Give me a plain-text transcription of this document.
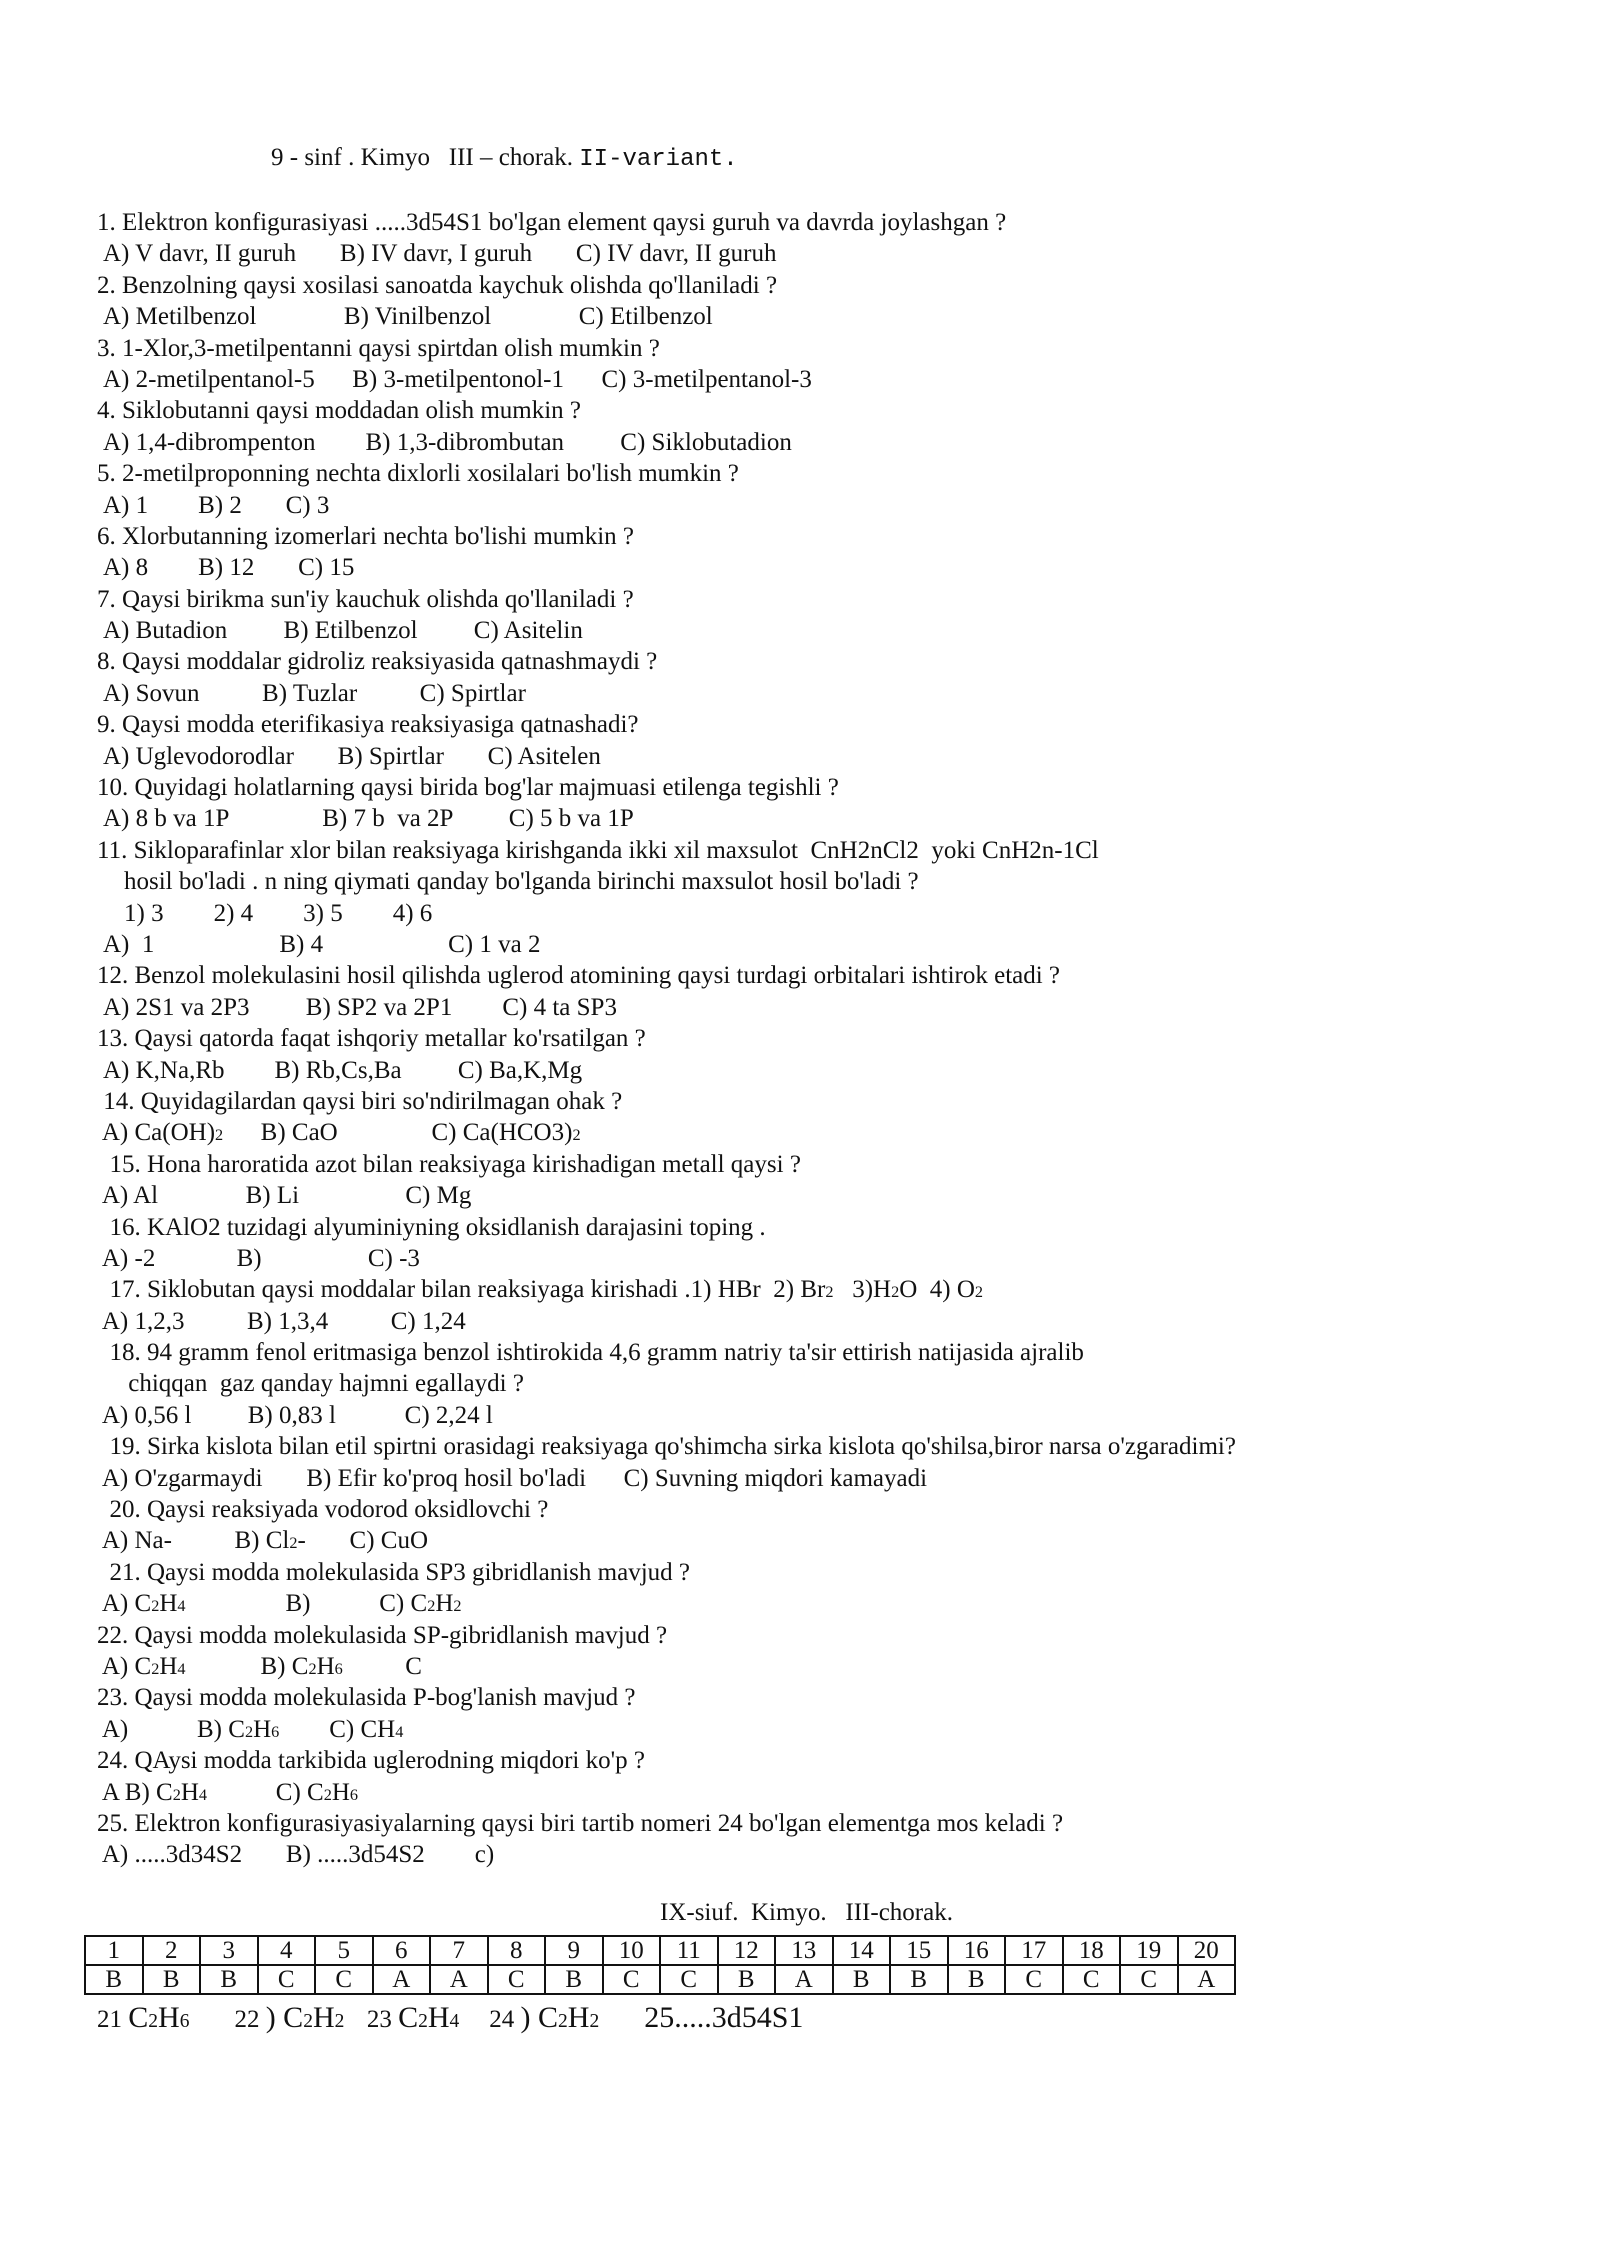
9 - sinf . Kimyo   III – chorak. II-variant.
1. Elektron konfigurasiyasi .....3d54S1 bo'lgan element qaysi guruh va davrda joylashgan ?
A) V davr, II guruh       B) IV davr, I guruh       C) IV davr, II guruh
2. Benzolning qaysi xosilasi sanoatda kaychuk olishda qo'llaniladi ?
A) Metilbenzol              B) Vinilbenzol              C) Etilbenzol
3. 1-Xlor,3-metilpentanni qaysi spirtdan olish mumkin ?
A) 2-metilpentanol-5      B) 3-metilpentonol-1      C) 3-metilpentanol-3
4. Siklobutanni qaysi moddadan olish mumkin ?
A) 1,4-dibrompenton        B) 1,3-dibrombutan         C) Siklobutadion
5. 2-metilproponning nechta dixlorli xosilalari bo'lish mumkin ?
A) 1        B) 2       C) 3
6. Xlorbutanning izomerlari nechta bo'lishi mumkin ?
A) 8        B) 12       C) 15
7. Qaysi birikma sun'iy kauchuk olishda qo'llaniladi ?
A) Butadion         B) Etilbenzol         C) Asitelin
8. Qaysi moddalar gidroliz reaksiyasida qatnashmaydi ?
A) Sovun          B) Tuzlar          C) Spirtlar
9. Qaysi modda eterifikasiya reaksiyasiga qatnashadi?
A) Uglevodorodlar       B) Spirtlar       C) Asitelen
10. Quyidagi holatlarning qaysi birida bog'lar majmuasi etilenga tegishli ?
A) 8 b va 1P               B) 7 b  va 2P         C) 5 b va 1P
11. Sikloparafinlar xlor bilan reaksiyaga kirishganda ikki xil maxsulot  CnH2nCl2  yoki CnH2n-1Cl
hosil bo'ladi . n ning qiymati qanday bo'lganda birinchi maxsulot hosil bo'ladi ?
1) 3        2) 4        3) 5        4) 6
A)  1                    B) 4                    C) 1 va 2
12. Benzol molekulasini hosil qilishda uglerod atomining qaysi turdagi orbitalari ishtirok etadi ?
A) 2S1 va 2P3         B) SP2 va 2P1        C) 4 ta SP3
13. Qaysi qatorda faqat ishqoriy metallar ko'rsatilgan ?
A) K,Na,Rb        B) Rb,Cs,Ba         C) Ba,K,Mg
14. Quyidagilardan qaysi biri so'ndirilmagan ohak ?
A) $Ca(OH)_2$      B) CaO               C) $Ca(HCO3)_2$
15. Hona haroratida azot bilan reaksiyaga kirishadigan metall qaysi ?
A) Al              B) Li                 C) Mg
16. KAlO2 tuzidagi alyuminiyning oksidlanish darajasini toping .
A) -2             B)                 C) -3
17. Siklobutan qaysi moddalar bilan reaksiyaga kirishadi .1) HBr  2) $Br_2$   $3)H_2O$  4) $O_2$
A) 1,2,3          B) 1,3,4          C) 1,24
18. 94 gramm fenol eritmasiga benzol ishtirokida 4,6 gramm natriy ta'sir ettirish natijasida ajralib
chiqqan  gaz qanday hajmni egallaydi ?
A) 0,56 l         B) 0,83 l           C) 2,24 l
19. Sirka kislota bilan etil spirtni orasidagi reaksiyaga qo'shimcha sirka kislota qo'shilsa,biror narsa o'zgaradimi?
A) O'zgarmaydi       B) Efir ko'proq hosil bo'ladi      C) Suvning miqdori kamayadi
20. Qaysi reaksiyada vodorod oksidlovchi ?
A) Na-          B) $Cl_2-$       C) CuO
21. Qaysi modda molekulasida SP3 gibridlanish mavjud ?
A) $C_2H_4$                B)           C) $C_2H_2$
22. Qaysi modda molekulasida SP-gibridlanish mavjud ?
A) $C_2H_4$            B) $C_2H_6$          C
23. Qaysi modda molekulasida P-bog'lanish mavjud ?
A)           B) $C_2H_6$        C) $CH_4$
24. QAysi modda tarkibida uglerodning miqdori ko'p ?
A B) $C_2H_4$           C) $C_2H_6$
25. Elektron konfigurasiyasiyalarning qaysi biri tartib nomeri 24 bo'lgan elementga mos keladi ?
A) .....3d34S2       B) .....3d54S2        c)
IX-siuf.  Kimyo.   III-chorak.
1	2	3	4	5	6	7	8	9	10	11	12	13	14	15	16	17	18	19	20
B	B	B	C	C	A	A	C	B	C	C	B	A	B	B	B	C	C	C	A
21 $C_2H_6$ 22 ) $C_2H_2$ 23 $C_2H_4$ 24 ) $C_2H_2$      25.....3d54S1
